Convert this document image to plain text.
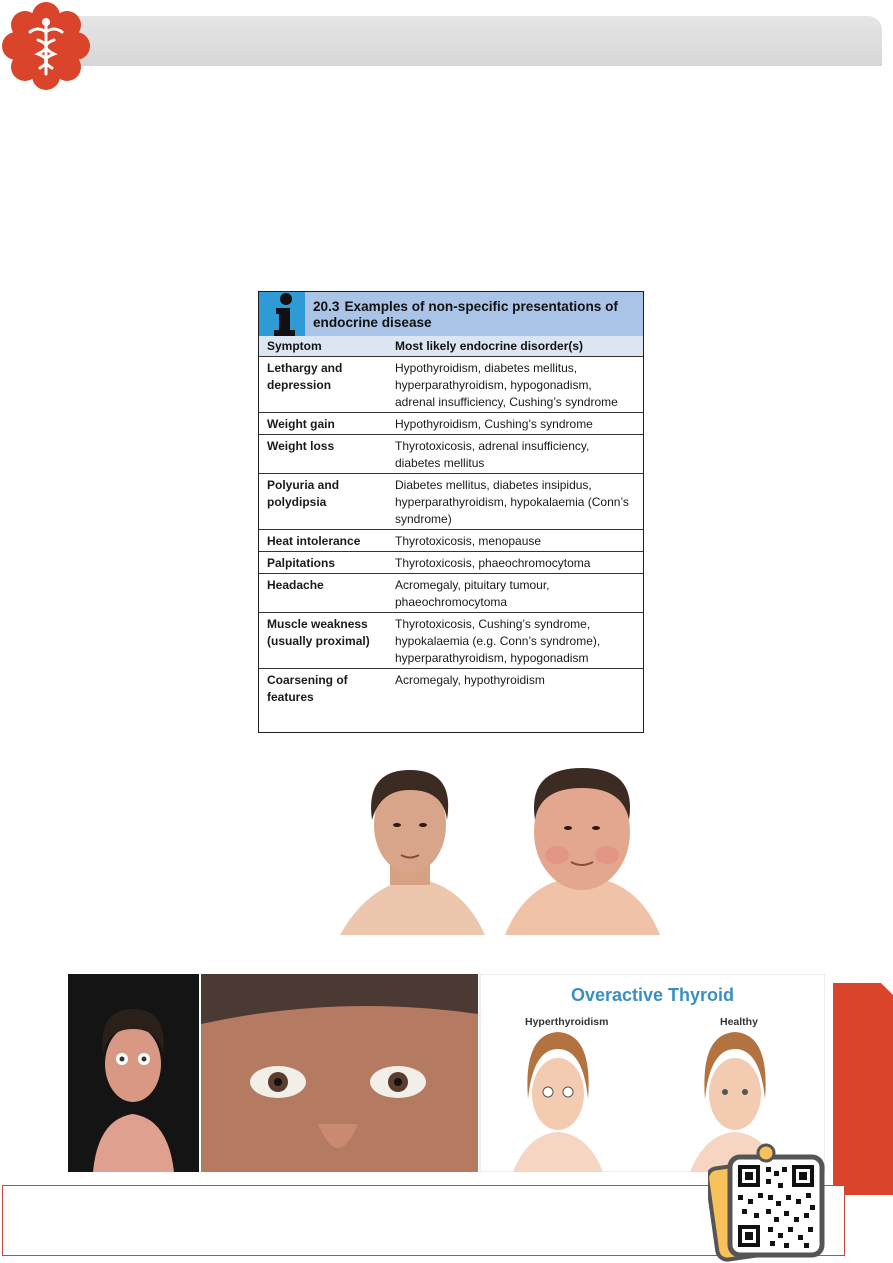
20.3 Examples of non-specific presentations of endocrine disease
Symptom	Most likely endocrine disorder(s)
Lethargy and depression	Hypothyroidism, diabetes mellitus, hyperparathyroidism, hypogonadism, adrenal insufficiency, Cushing’s syndrome
Weight gain	Hypothyroidism, Cushing’s syndrome
Weight loss	Thyrotoxicosis, adrenal insufficiency, diabetes mellitus
Polyuria and polydipsia	Diabetes mellitus, diabetes insipidus, hyperparathyroidism, hypokalaemia (Conn’s syndrome)
Heat intolerance	Thyrotoxicosis, menopause
Palpitations	Thyrotoxicosis, phaeochromocytoma
Headache	Acromegaly, pituitary tumour, phaeochromocytoma
Muscle weakness (usually proximal)	Thyrotoxicosis, Cushing’s syndrome, hypokalaemia (e.g. Conn’s syndrome), hyperparathyroidism, hypogonadism
Coarsening of features	Acromegaly, hypothyroidism
Overactive Thyroid
Hyperthyroidism	Healthy
